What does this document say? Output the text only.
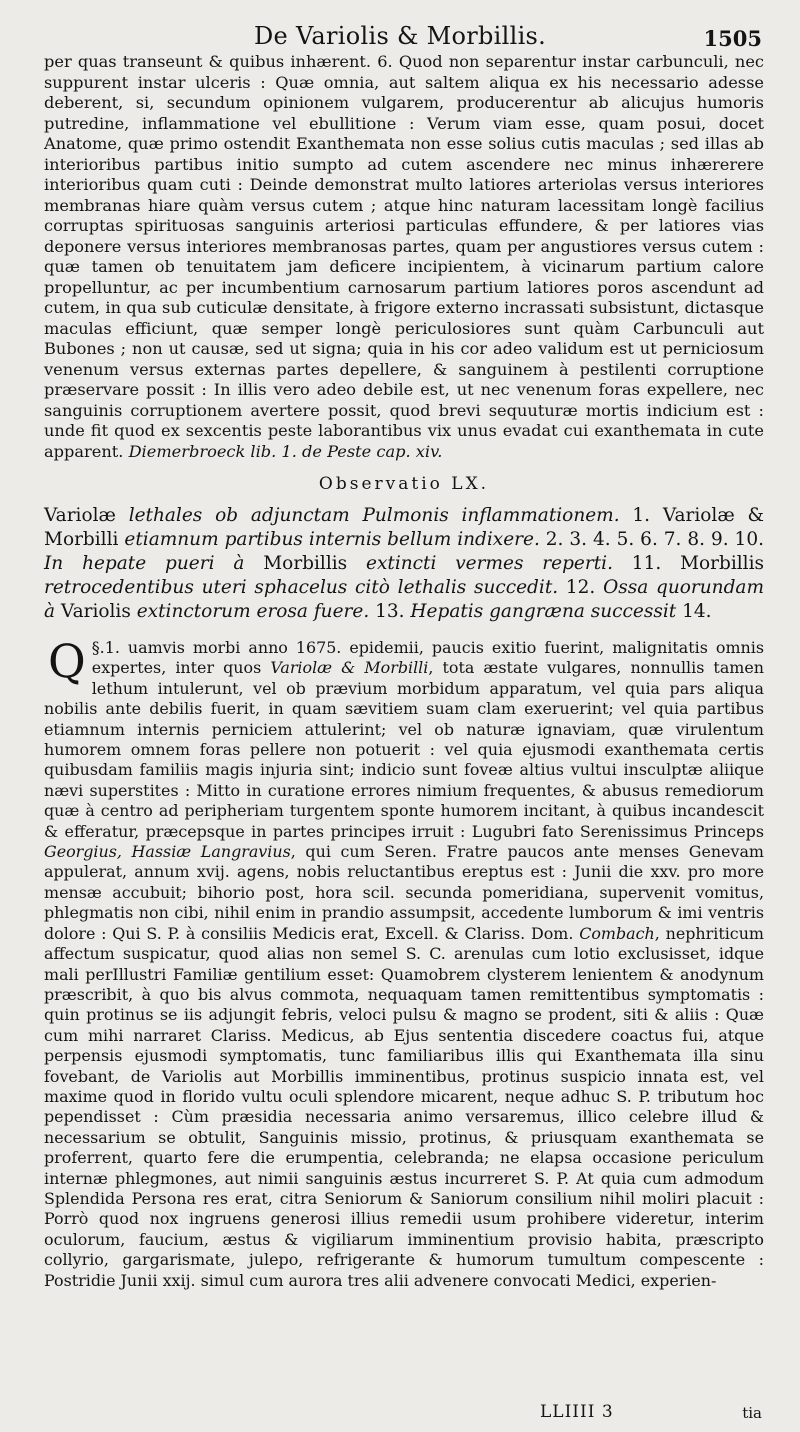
De Variolis & Morbillis.	1505

per quas transeunt & quibus inhærent. 6. Quod non separentur instar carbunculi, nec suppurent instar ulceris : Quæ omnia, aut saltem aliqua ex his necessario adesse deberent, si, secundum opinionem vulgarem, producerentur ab alicujus humoris putredine, inflammatione vel ebullitione : Verum viam esse, quam posui, docet Anatome, quæ primo ostendit Exanthemata non esse solius cutis maculas ; sed illas ab interioribus partibus initio sumpto ad cutem ascendere nec minus inhærerere interioribus quam cuti : Deinde demonstrat multo latiores arteriolas versus interiores membranas hiare quàm versus cutem ; atque hinc naturam lacessitam longè facilius corruptas spirituosas sanguinis arteriosi particulas effundere, & per latiores vias deponere versus interiores membranosas partes, quam per angustiores versus cutem : quæ tamen ob tenuitatem jam deficere incipientem, à vicinarum partium calore propelluntur, ac per incumbentium carnosarum partium latiores poros ascendunt ad cutem, in qua sub cuticulæ densitate, à frigore externo incrassati subsistunt, dictasque maculas efficiunt, quæ semper longè periculosiores sunt quàm Carbunculi aut Bubones ; non ut causæ, sed ut signa; quia in his cor adeo validum est ut perniciosum venenum versus externas partes depellere, & sanguinem à pestilenti corruptione præservare possit : In illis vero adeo debile est, ut nec venenum foras expellere, nec sanguinis corruptionem avertere possit, quod brevi sequuturæ mortis indicium est : unde fit quod ex sexcentis peste laborantibus vix unus evadat cui exanthemata in cute apparent. Diemerbroeck lib. 1. de Peste cap. xiv.

Observatio LX.

Variolæ lethales ob adjunctam Pulmonis inflammationem. 1. Variolæ & Morbilli etiamnum partibus internis bellum indixere. 2. 3. 4. 5. 6. 7. 8. 9. 10. In hepate pueri à Morbillis extincti vermes reperti. 11. Morbillis retrocedentibus uteri sphacelus citò lethalis succedit. 12. Ossa quorundam à Variolis extinctorum erosa fuere. 13. Hepatis gangræna successit 14.

§.1.
Q	uamvis morbi anno 1675. epidemii, paucis exitio fuerint, malignitatis omnis expertes, inter quos Variolæ & Morbilli, tota æstate vulgares, nonnullis tamen lethum intulerunt, vel ob prævium morbidum apparatum, vel quia pars aliqua nobilis ante debilis fuerit, in quam sævitiem suam clam exeruerint; vel quia partibus etiamnum internis perniciem attulerint; vel ob naturæ ignaviam, quæ virulentum humorem omnem foras pellere non potuerit : vel quia ejusmodi exanthemata certis quibusdam familiis magis injuria sint; indicio sunt foveæ altius vultui insculptæ aliique nævi superstites : Mitto in curatione errores nimium frequentes, & abusus remediorum quæ à centro ad peripheriam turgentem sponte humorem incitant, à quibus incandescit & efferatur, præcepsque in partes principes irruit : Lugubri fato Serenissimus Princeps Georgius, Hassiæ Langravius, qui cum Seren. Fratre paucos ante menses Genevam appulerat, annum xvij. agens, nobis reluctantibus ereptus est : Junii die xxv. pro more mensæ accubuit; bihorio post, hora scil. secunda pomeridiana, supervenit vomitus, phlegmatis non cibi, nihil enim in prandio assumpsit, accedente lumborum & imi ventris dolore : Qui S. P. à consiliis Medicis erat, Excell. & Clariss. Dom. Combach, nephriticum affectum suspicatur, quod alias non semel S. C. arenulas cum lotio exclusisset, idque mali perIllustri Familiæ gentilium esset: Quamobrem clysterem lenientem & anodynum præscribit, à quo bis alvus commota, nequaquam tamen remittentibus symptomatis : quin protinus se iis adjungit febris, veloci pulsu & magno se prodent, siti & aliis : Quæ cum mihi narraret Clariss. Medicus, ab Ejus sententia discedere coactus fui, atque perpensis ejusmodi symptomatis, tunc familiaribus illis qui Exanthemata illa sinu fovebant, de Variolis aut Morbillis imminentibus, protinus suspicio innata est, vel maxime quod in florido vultu oculi splendore micarent, neque adhuc S. P. tributum hoc pependisset : Cùm præsidia necessaria animo versaremus, illico celebre illud & necessarium se obtulit, Sanguinis missio, protinus, & priusquam exanthemata se proferrent, quarto fere die erumpentia, celebranda; ne elapsa occasione periculum internæ phlegmones, aut nimii sanguinis æstus incurreret S. P. At quia cum admodum Splendida Persona res erat, citra Seniorum & Saniorum consilium nihil moliri placuit : Porrò quod nox ingruens generosi illius remedii usum prohibere videretur, interim oculorum, faucium, æstus & vigiliarum imminentium provisio habita, præscripto collyrio, gargarismate, julepo, refrigerante & humorum tumultum compescente : Postridie Junii xxij. simul cum aurora tres alii advenere convocati Medici, experien-

LLIIII 3	tia
